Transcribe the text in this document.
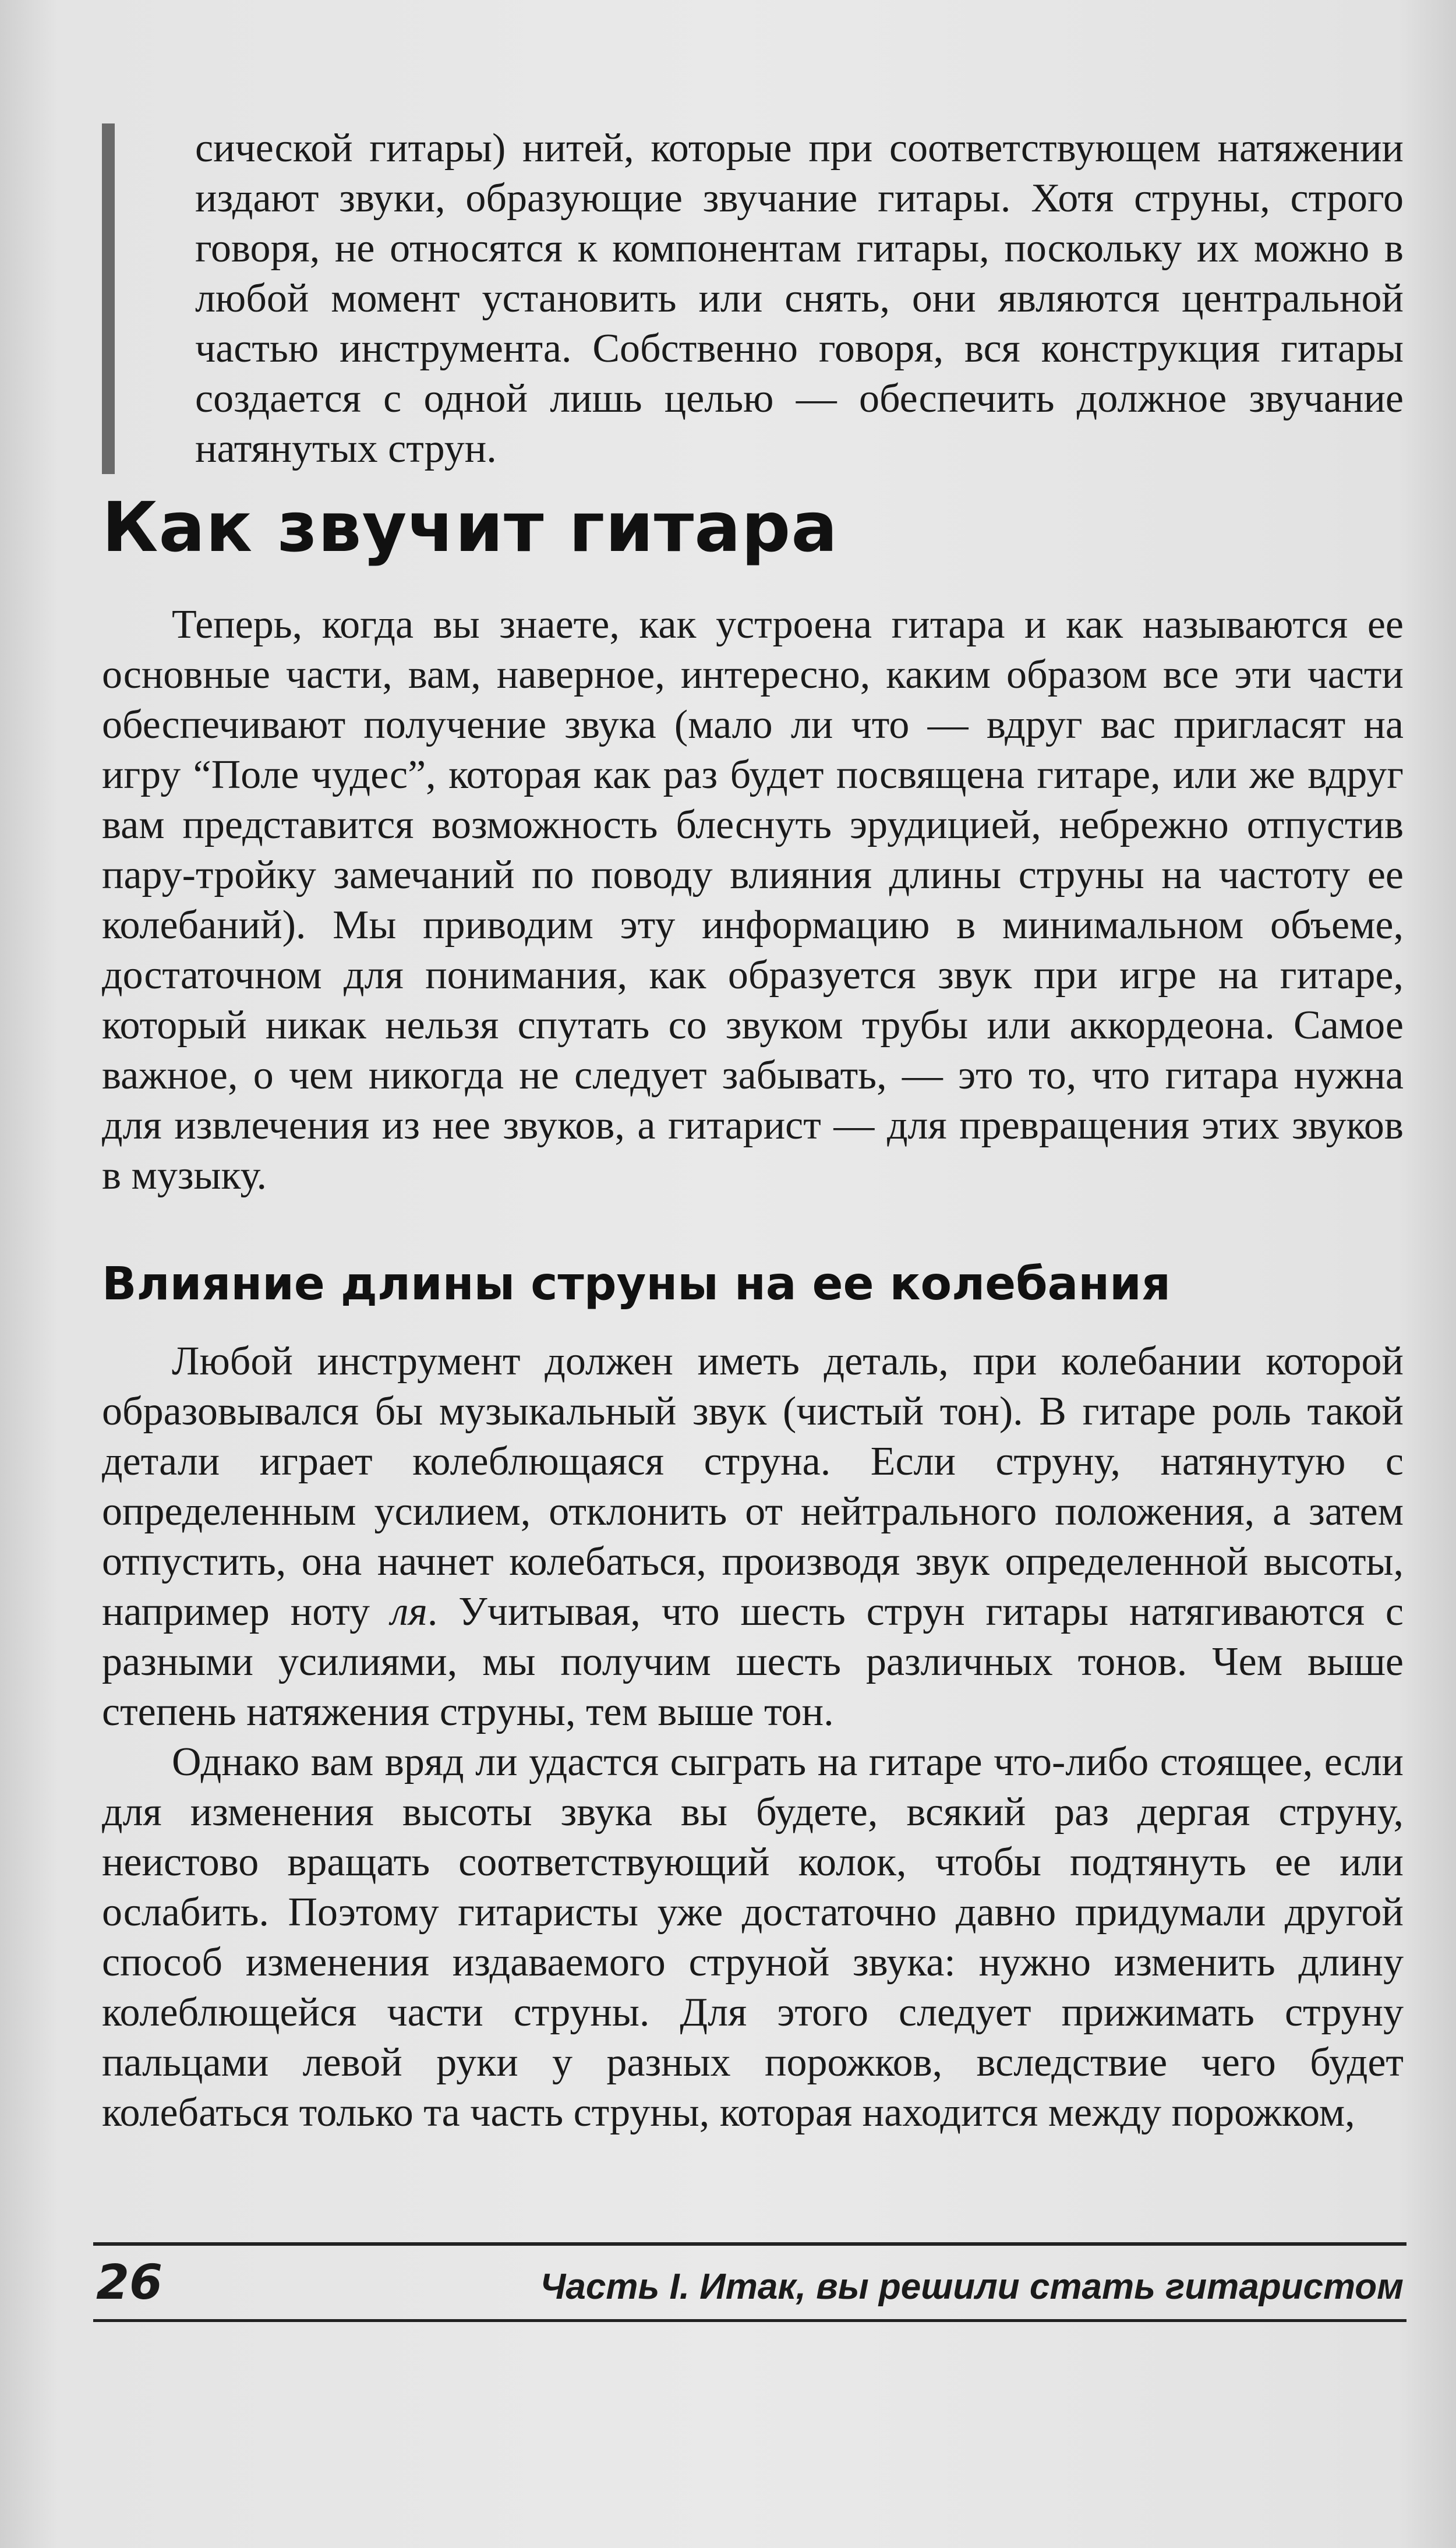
сической гитары) нитей, которые при соответствующем натяжении издают звуки, образующие звучание гитары. Хотя струны, строго говоря, не относятся к компонентам гитары, поскольку их можно в любой момент установить или снять, они являются центральной частью инструмента. Собственно говоря, вся конструкция гитары создается с одной лишь целью — обеспечить должное звучание натянутых струн.

Как звучит гитара

Теперь, когда вы знаете, как устроена гитара и как называются ее основные части, вам, наверное, интересно, каким образом все эти части обеспечивают получение звука (мало ли что — вдруг вас пригласят на игру “Поле чудес”, которая как раз будет посвящена гитаре, или же вдруг вам представится возможность блеснуть эрудицией, небрежно отпустив пару-тройку замечаний по поводу влияния длины струны на частоту ее колебаний). Мы приводим эту информацию в минимальном объеме, достаточном для понимания, как образуется звук при игре на гитаре, который никак нельзя спутать со звуком трубы или аккордеона. Самое важное, о чем никогда не следует забывать, — это то, что гитара нужна для извлечения из нее звуков, а гитарист — для превращения этих звуков в музыку.

Влияние длины струны на ее колебания

Любой инструмент должен иметь деталь, при колебании которой образовывался бы музыкальный звук (чистый тон). В гитаре роль такой детали играет колеблющаяся струна. Если струну, натянутую с определенным усилием, отклонить от нейтрального положения, а затем отпустить, она начнет колебаться, производя звук определенной высоты, например ноту ля. Учитывая, что шесть струн гитары натягиваются с разными усилиями, мы получим шесть различных тонов. Чем выше степень натяжения струны, тем выше тон.

Однако вам вряд ли удастся сыграть на гитаре что-либо стоящее, если для изменения высоты звука вы будете, всякий раз дергая струну, неистово вращать соответствующий колок, чтобы подтянуть ее или ослабить. Поэтому гитаристы уже достаточно давно придумали другой способ изменения издаваемого струной звука: нужно изменить длину колеблющейся части струны. Для этого следует прижимать струну пальцами левой руки у разных порожков, вследствие чего будет колебаться только та часть струны, которая находится между порожком,

26	Часть I. Итак, вы решили стать гитаристом
